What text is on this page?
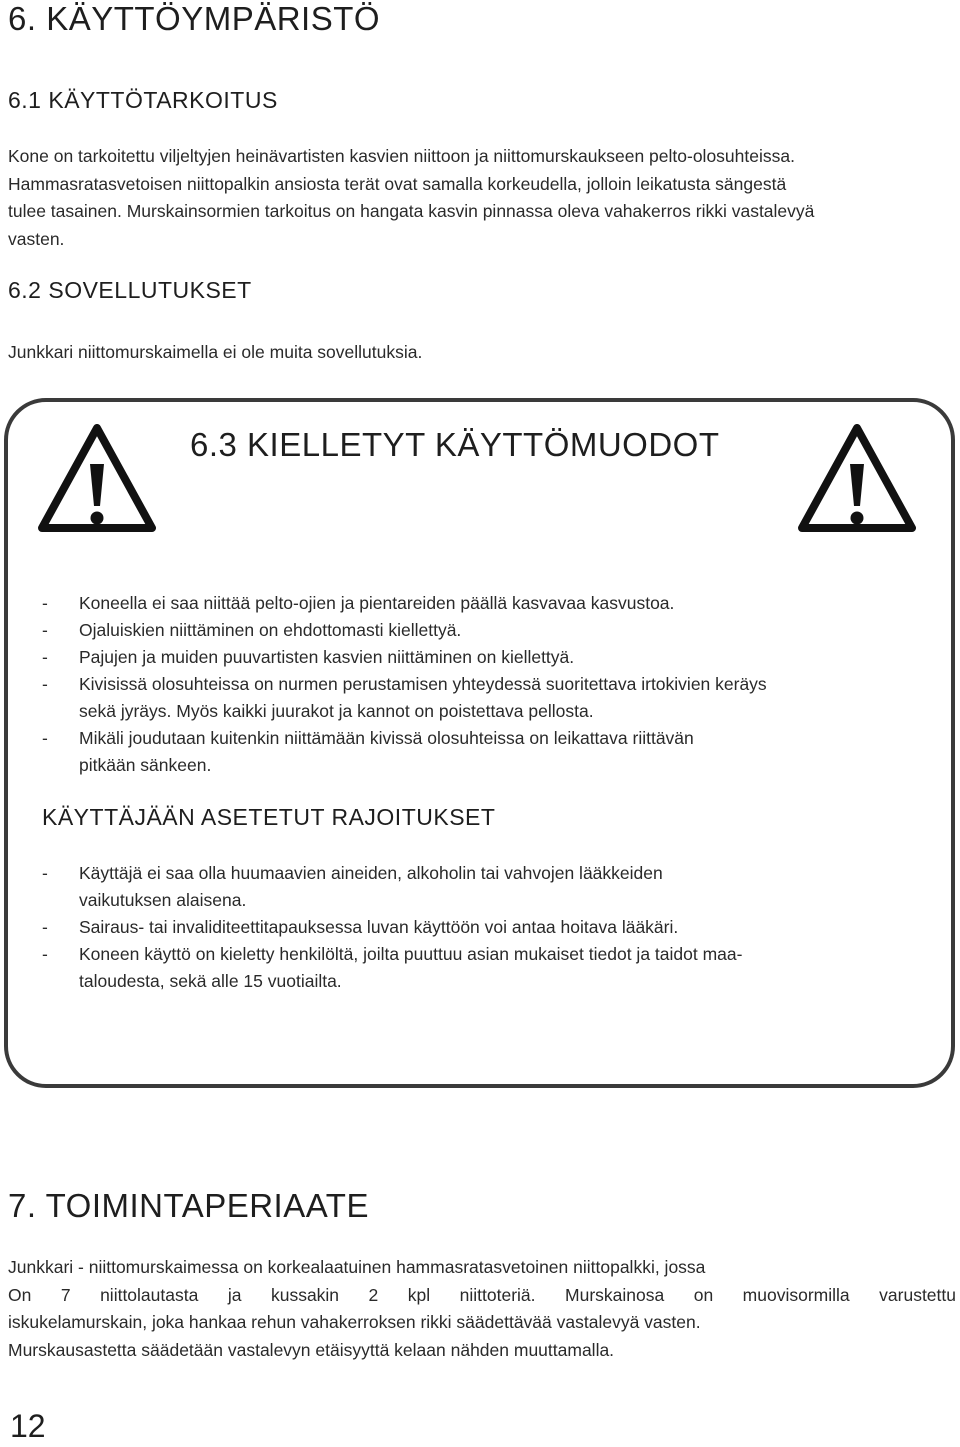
6. KÄYTTÖYMPÄRISTÖ
6.1 KÄYTTÖTARKOITUS
Kone on tarkoitettu viljeltyjen heinävartisten kasvien niittoon ja niittomurskaukseen pelto-olosuhteissa.
Hammasratasvetoisen niittopalkin ansiosta terät ovat samalla korkeudella, jolloin leikatusta sängestä
tulee tasainen. Murskainsormien tarkoitus on hangata kasvin pinnassa oleva vahakerros rikki vastalevyä
vasten.
6.2 SOVELLUTUKSET
Junkkari niittomurskaimella ei ole muita sovellutuksia.
6.3 KIELLETYT KÄYTTÖMUODOT
- Koneella ei saa niittää pelto-ojien ja pientareiden päällä kasvavaa kasvustoa.
- Ojaluiskien niittäminen on ehdottomasti kiellettyä.
- Pajujen ja muiden puuvartisten kasvien niittäminen on kiellettyä.
- Kivisissä olosuhteissa on nurmen perustamisen yhteydessä suoritettava irtokivien keräys
sekä jyräys. Myös kaikki juurakot ja kannot on poistettava pellosta.
- Mikäli joudutaan kuitenkin niittämään kivissä olosuhteissa on leikattava riittävän
pitkään sänkeen.
KÄYTTÄJÄÄN ASETETUT RAJOITUKSET
- Käyttäjä ei saa olla huumaavien aineiden, alkoholin tai vahvojen lääkkeiden
vaikutuksen alaisena.
- Sairaus- tai invaliditeettitapauksessa luvan käyttöön voi antaa hoitava lääkäri.
- Koneen käyttö on kieletty henkilöltä, joilta puuttuu asian mukaiset tiedot ja taidot maa-
taloudesta, sekä alle 15 vuotiailta.
7. TOIMINTAPERIAATE
Junkkari - niittomurskaimessa on korkealaatuinen hammasratasvetoinen niittopalkki, jossa
On 7 niittolautasta ja kussakin 2 kpl niittoteriä. Murskainosa on muovisormilla varustettu
iskukelamurskain, joka hankaa rehun vahakerroksen rikki säädettävää vastalevyä vasten.
Murskausastetta säädetään vastalevyn etäisyyttä kelaan nähden muuttamalla.
12
